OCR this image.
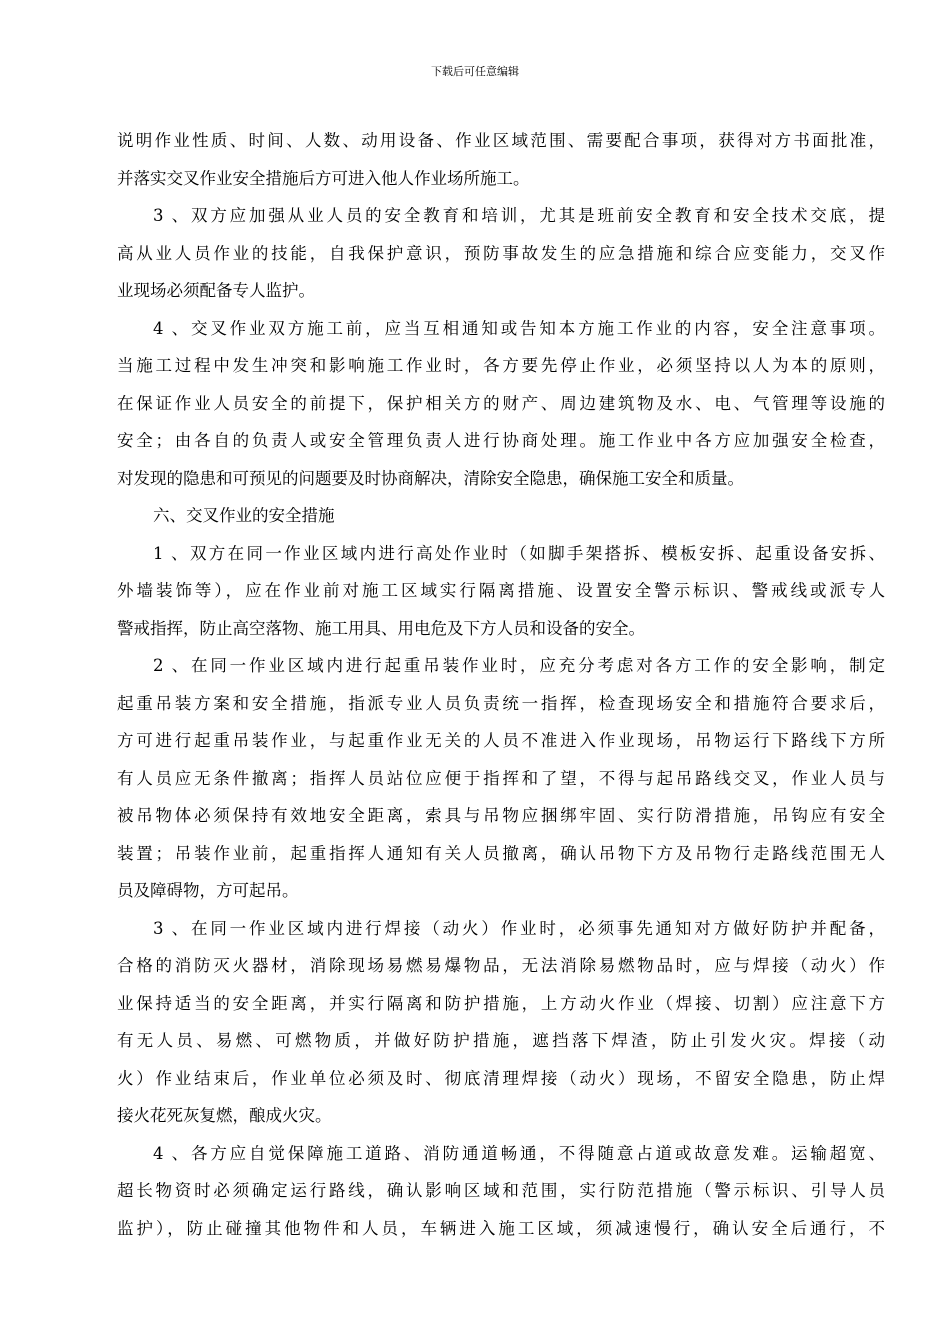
下载后可任意编辑
说明作业性质、时间、人数、动用设备、作业区域范围、需要配合事项，获得对方书面批准，
并落实交叉作业安全措施后方可进入他人作业场所施工。
3 、双方应加强从业人员的安全教育和培训，尤其是班前安全教育和安全技术交底，提
高从业人员作业的技能，自我保护意识，预防事故发生的应急措施和综合应变能力，交叉作
业现场必须配备专人监护。
4 、交叉作业双方施工前，应当互相通知或告知本方施工作业的内容，安全注意事项。
当施工过程中发生冲突和影响施工作业时，各方要先停止作业，必须坚持以人为本的原则，
在保证作业人员安全的前提下，保护相关方的财产、周边建筑物及水、电、气管理等设施的
安全；由各自的负责人或安全管理负责人进行协商处理。施工作业中各方应加强安全检查，
对发现的隐患和可预见的问题要及时协商解决，清除安全隐患，确保施工安全和质量。
六、交叉作业的安全措施
1 、双方在同一作业区域内进行高处作业时（如脚手架搭拆、模板安拆、起重设备安拆、
外墙装饰等），应在作业前对施工区域实行隔离措施、设置安全警示标识、警戒线或派专人
警戒指挥，防止高空落物、施工用具、用电危及下方人员和设备的安全。
2 、在同一作业区域内进行起重吊装作业时，应充分考虑对各方工作的安全影响，制定
起重吊装方案和安全措施，指派专业人员负责统一指挥，检查现场安全和措施符合要求后，
方可进行起重吊装作业，与起重作业无关的人员不准进入作业现场，吊物运行下路线下方所
有人员应无条件撤离；指挥人员站位应便于指挥和了望，不得与起吊路线交叉，作业人员与
被吊物体必须保持有效地安全距离，索具与吊物应捆绑牢固、实行防滑措施，吊钩应有安全
装置；吊装作业前，起重指挥人通知有关人员撤离，确认吊物下方及吊物行走路线范围无人
员及障碍物，方可起吊。
3 、在同一作业区域内进行焊接（动火）作业时，必须事先通知对方做好防护并配备，
合格的消防灭火器材，消除现场易燃易爆物品，无法消除易燃物品时，应与焊接（动火）作
业保持适当的安全距离，并实行隔离和防护措施，上方动火作业（焊接、切割）应注意下方
有无人员、易燃、可燃物质，并做好防护措施，遮挡落下焊渣，防止引发火灾。焊接（动
火）作业结束后，作业单位必须及时、彻底清理焊接（动火）现场，不留安全隐患，防止焊
接火花死灰复燃，酿成火灾。
4 、各方应自觉保障施工道路、消防通道畅通，不得随意占道或故意发难。运输超宽、
超长物资时必须确定运行路线，确认影响区域和范围，实行防范措施（警示标识、引导人员
监护），防止碰撞其他物件和人员，车辆进入施工区域，须减速慢行，确认安全后通行，不
